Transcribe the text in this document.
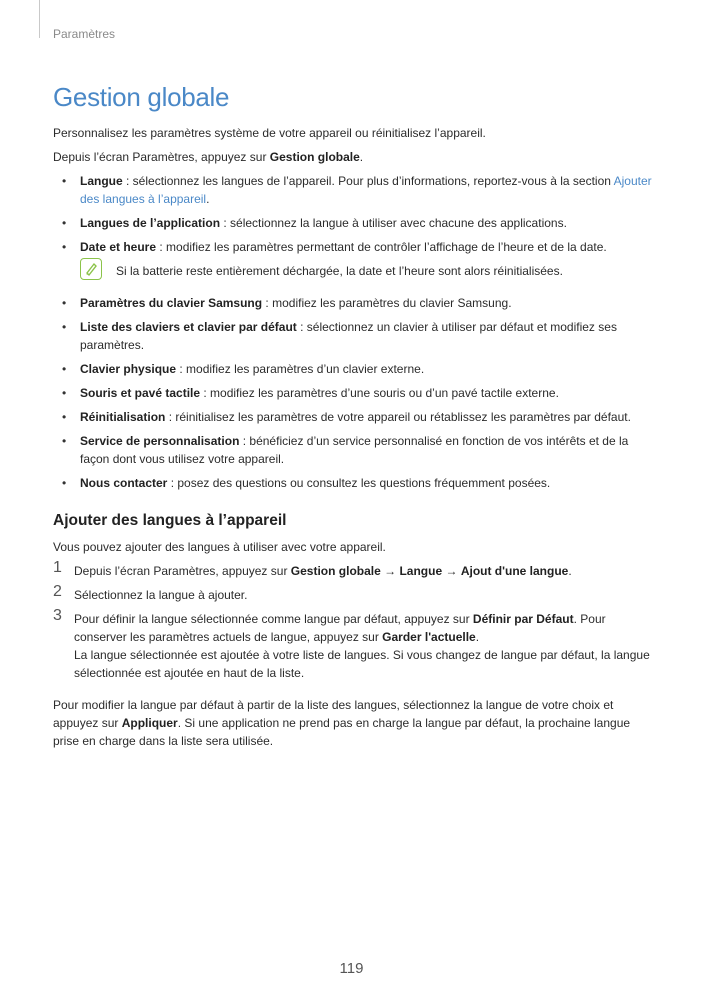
Paramètres
Gestion globale

Personnalisez les paramètres système de votre appareil ou réinitialisez l’appareil.

Depuis l’écran Paramètres, appuyez sur Gestion globale.

• Langue : sélectionnez les langues de l’appareil. Pour plus d’informations, reportez-vous à la section Ajouter des langues à l’appareil.
• Langues de l’application : sélectionnez la langue à utiliser avec chacune des applications.
• Date et heure : modifiez les paramètres permettant de contrôler l’affichage de l’heure et de la date.
Si la batterie reste entièrement déchargée, la date et l’heure sont alors réinitialisées.
• Paramètres du clavier Samsung : modifiez les paramètres du clavier Samsung.
• Liste des claviers et clavier par défaut : sélectionnez un clavier à utiliser par défaut et modifiez ses paramètres.
• Clavier physique : modifiez les paramètres d’un clavier externe.
• Souris et pavé tactile : modifiez les paramètres d’une souris ou d’un pavé tactile externe.
• Réinitialisation : réinitialisez les paramètres de votre appareil ou rétablissez les paramètres par défaut.
• Service de personnalisation : bénéficiez d’un service personnalisé en fonction de vos intérêts et de la façon dont vous utilisez votre appareil.
• Nous contacter : posez des questions ou consultez les questions fréquemment posées.
Ajouter des langues à l’appareil

Vous pouvez ajouter des langues à utiliser avec votre appareil.

1 Depuis l’écran Paramètres, appuyez sur Gestion globale → Langue → Ajout d'une langue.
2 Sélectionnez la langue à ajouter.
3 Pour définir la langue sélectionnée comme langue par défaut, appuyez sur Définir par Défaut. Pour conserver les paramètres actuels de langue, appuyez sur Garder l'actuelle.
La langue sélectionnée est ajoutée à votre liste de langues. Si vous changez de langue par défaut, la langue sélectionnée est ajoutée en haut de la liste.

Pour modifier la langue par défaut à partir de la liste des langues, sélectionnez la langue de votre choix et appuyez sur Appliquer. Si une application ne prend pas en charge la langue par défaut, la prochaine langue prise en charge dans la liste sera utilisée.

119
